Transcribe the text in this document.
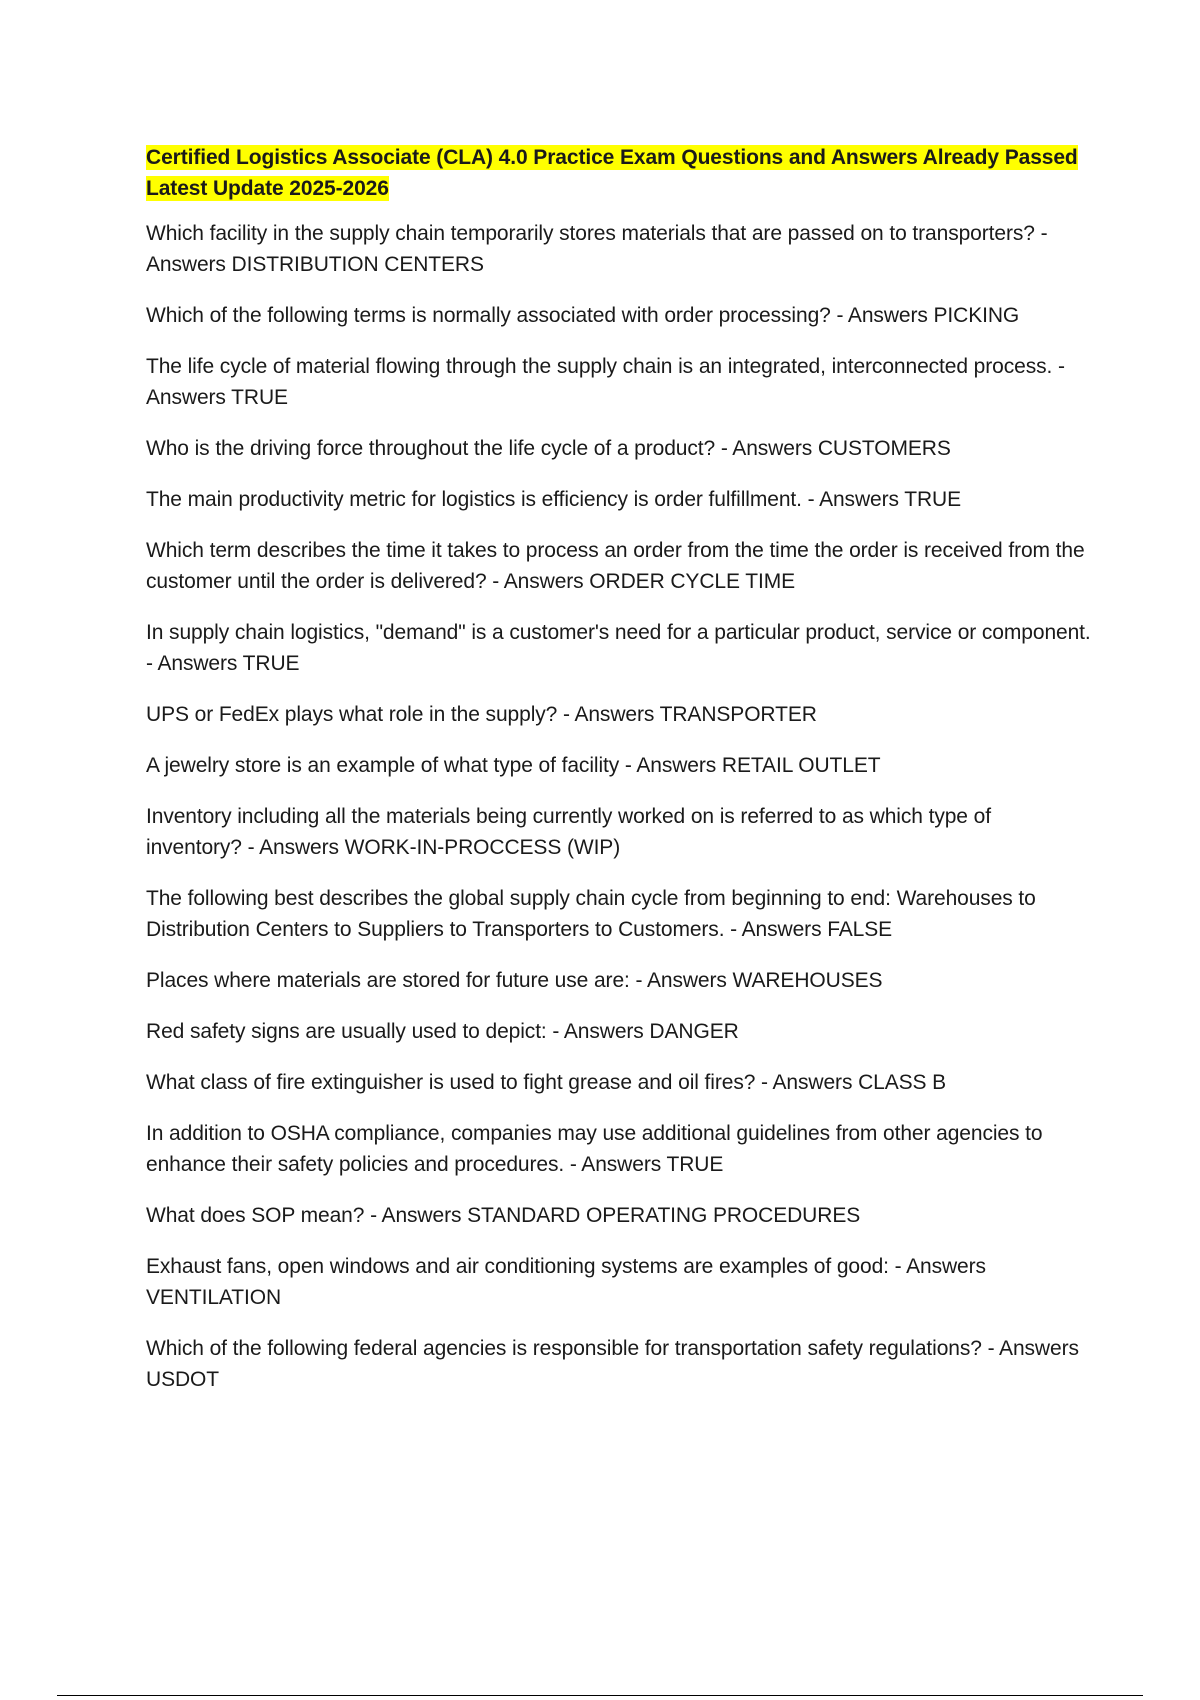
Certified Logistics Associate (CLA) 4.0 Practice Exam Questions and Answers Already Passed Latest Update 2025-2026
Which facility in the supply chain temporarily stores materials that are passed on to transporters? - Answers DISTRIBUTION CENTERS
Which of the following terms is normally associated with order processing? - Answers PICKING
The life cycle of material flowing through the supply chain is an integrated, interconnected process. - Answers TRUE
Who is the driving force throughout the life cycle of a product? - Answers CUSTOMERS
The main productivity metric for logistics is efficiency is order fulfillment. - Answers TRUE
Which term describes the time it takes to process an order from the time the order is received from the customer until the order is delivered? - Answers ORDER CYCLE TIME
In supply chain logistics, "demand" is a customer's need for a particular product, service or component. - Answers TRUE
UPS or FedEx plays what role in the supply? - Answers TRANSPORTER
A jewelry store is an example of what type of facility - Answers RETAIL OUTLET
Inventory including all the materials being currently worked on is referred to as which type of inventory? - Answers WORK-IN-PROCCESS (WIP)
The following best describes the global supply chain cycle from beginning to end: Warehouses to Distribution Centers to Suppliers to Transporters to Customers. - Answers FALSE
Places where materials are stored for future use are: - Answers WAREHOUSES
Red safety signs are usually used to depict: - Answers DANGER
What class of fire extinguisher is used to fight grease and oil fires? - Answers CLASS B
In addition to OSHA compliance, companies may use additional guidelines from other agencies to enhance their safety policies and procedures. - Answers TRUE
What does SOP mean? - Answers STANDARD OPERATING PROCEDURES
Exhaust fans, open windows and air conditioning systems are examples of good: - Answers VENTILATION
Which of the following federal agencies is responsible for transportation safety regulations? - Answers USDOT
